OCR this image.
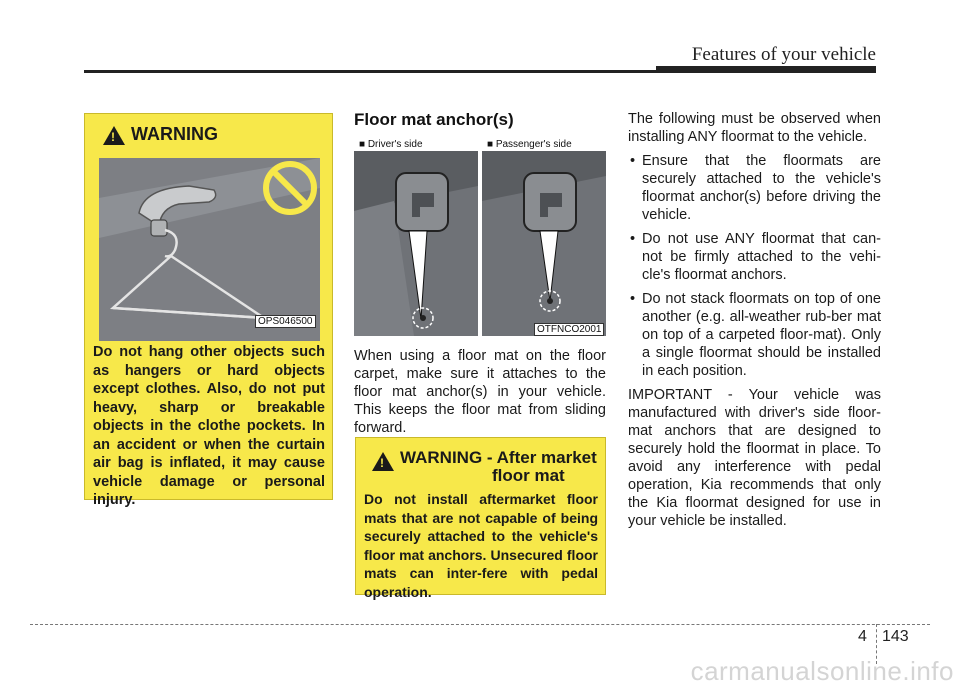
Features of your vehicle
!
WARNING
OPS046500
Do not hang other objects such as hangers or hard objects except clothes. Also, do not put heavy, sharp or breakable objects in the clothe pockets. In an accident or when the curtain air bag is inflated, it may cause vehicle damage or personal injury.
Floor mat anchor(s)
■ Driver's side	■ Passenger's side
OTFNCO2001
When using a floor mat on the floor carpet, make sure it attaches to the floor mat anchor(s) in your vehicle. This keeps the floor mat from sliding forward.
!
WARNING - After market
floor mat
Do not install aftermarket floor mats that are not capable of being securely attached to the vehicle's floor mat anchors. Unsecured floor mats can inter-fere with pedal operation.

The following must be observed when installing ANY floormat to the vehicle.

• Ensure that the floormats are securely attached to the vehicle's floormat anchor(s) before driving the vehicle.
• Do not use ANY floormat that can-not be firmly attached to the vehi-cle's floormat anchors.
• Do not stack floormats on top of one another (e.g. all-weather rub-ber mat on top of a carpeted floor-mat). Only a single floormat should be installed in each position.

IMPORTANT - Your vehicle was manufactured with driver's side floor-mat anchors that are designed to securely hold the floormat in place. To avoid any interference with pedal operation, Kia recommends that only the Kia floormat designed for use in your vehicle be installed.

4 143
carmanualsonline.info
